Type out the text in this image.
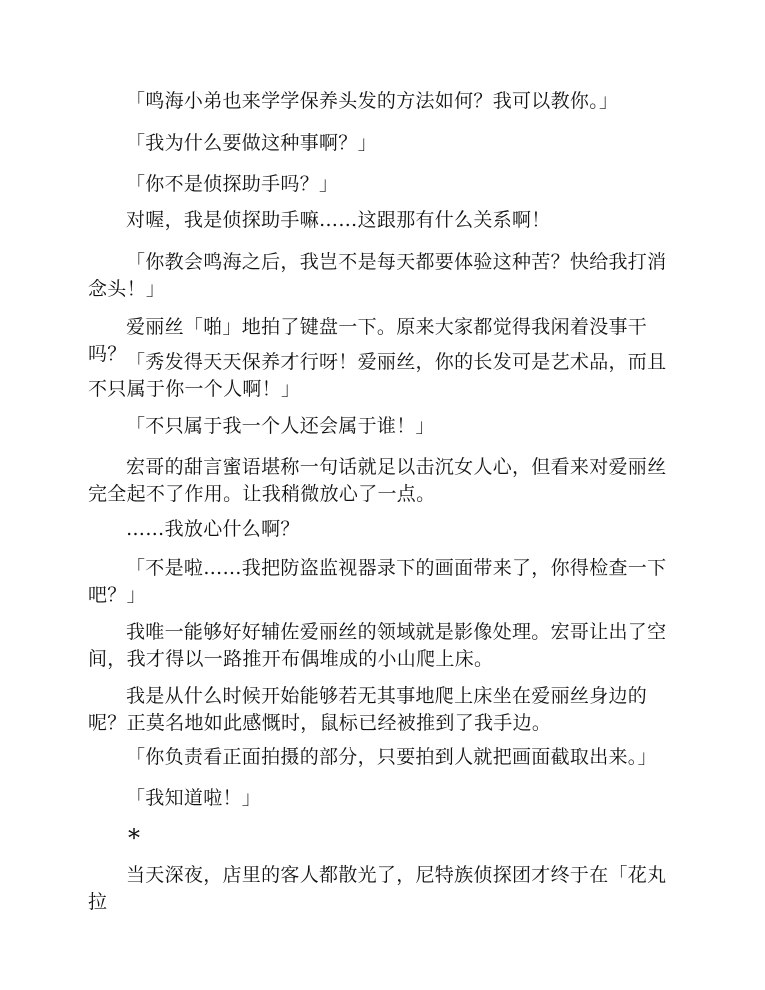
「鸣海小弟也来学学保养头发的方法如何？我可以教你。」

「我为什么要做这种事啊？」

「你不是侦探助手吗？」

对喔，我是侦探助手嘛……这跟那有什么关系啊！

「你教会鸣海之后，我岂不是每天都要体验这种苦？快给我打消念头！」

爱丽丝「啪」地拍了键盘一下。原来大家都觉得我闲着没事干吗？ 「秀发得天天保养才行呀！爱丽丝，你的长发可是艺术品，而且不只属于你一个人啊！」

「不只属于我一个人还会属于谁！」

宏哥的甜言蜜语堪称一句话就足以击沉女人心，但看来对爱丽丝完全起不了作用。让我稍微放心了一点。

……我放心什么啊？

「不是啦……我把防盗监视器录下的画面带来了，你得检查一下吧？」

我唯一能够好好辅佐爱丽丝的领域就是影像处理。宏哥让出了空间，我才得以一路推开布偶堆成的小山爬上床。

我是从什么时候开始能够若无其事地爬上床坐在爱丽丝身边的呢？正莫名地如此感慨时，鼠标已经被推到了我手边。

「你负责看正面拍摄的部分，只要拍到人就把画面截取出来。」

「我知道啦！」

*

当天深夜，店里的客人都散光了，尼特族侦探团才终于在「花丸拉
